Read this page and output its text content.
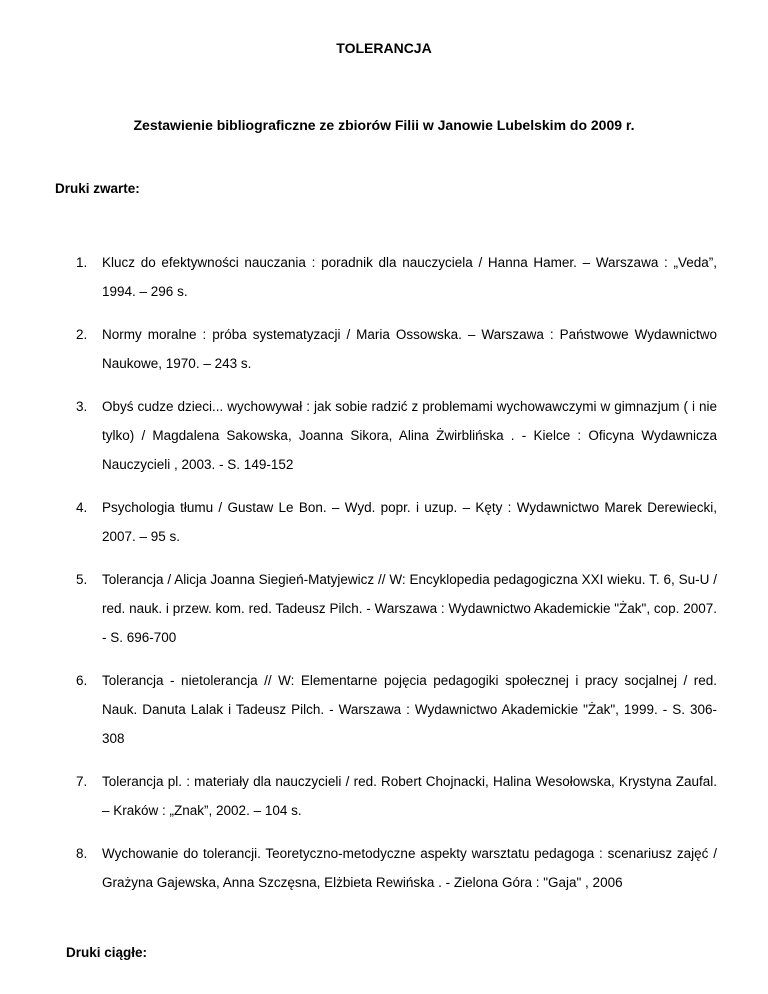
TOLERANCJA
Zestawienie bibliograficzne ze zbiorów Filii w Janowie Lubelskim do 2009 r.
Druki zwarte:
1. Klucz do efektywności nauczania : poradnik dla nauczyciela / Hanna Hamer. – Warszawa : „Veda”, 1994. – 296 s.
2. Normy moralne : próba systematyzacji / Maria Ossowska. – Warszawa : Państwowe Wydawnictwo Naukowe, 1970. – 243 s.
3. Obyś cudze dzieci... wychowywał : jak sobie radzić z problemami wychowawczymi w gimnazjum ( i nie tylko) / Magdalena Sakowska, Joanna Sikora, Alina Żwirblińska . - Kielce : Oficyna Wydawnicza Nauczycieli , 2003. - S. 149-152
4. Psychologia tłumu / Gustaw Le Bon. – Wyd. popr. i uzup. – Kęty : Wydawnictwo Marek Derewiecki, 2007. – 95 s.
5. Tolerancja / Alicja Joanna Siegień-Matyjewicz // W: Encyklopedia pedagogiczna XXI wieku. T. 6, Su-U / red. nauk. i przew. kom. red. Tadeusz Pilch. - Warszawa : Wydawnictwo Akademickie "Żak", cop. 2007. - S. 696-700
6. Tolerancja - nietolerancja // W: Elementarne pojęcia pedagogiki społecznej i pracy socjalnej / red. Nauk. Danuta Lalak i Tadeusz Pilch. - Warszawa : Wydawnictwo Akademickie "Żak", 1999. - S. 306-308
7. Tolerancja pl. : materiały dla nauczycieli / red. Robert Chojnacki, Halina Wesołowska, Krystyna Zaufal. – Kraków : „Znak”, 2002. – 104 s.
8. Wychowanie do tolerancji. Teoretyczno-metodyczne aspekty warsztatu pedagoga : scenariusz zajęć / Grażyna Gajewska, Anna Szczęsna, Elżbieta Rewińska . - Zielona Góra : "Gaja" , 2006
Druki ciągłe:
